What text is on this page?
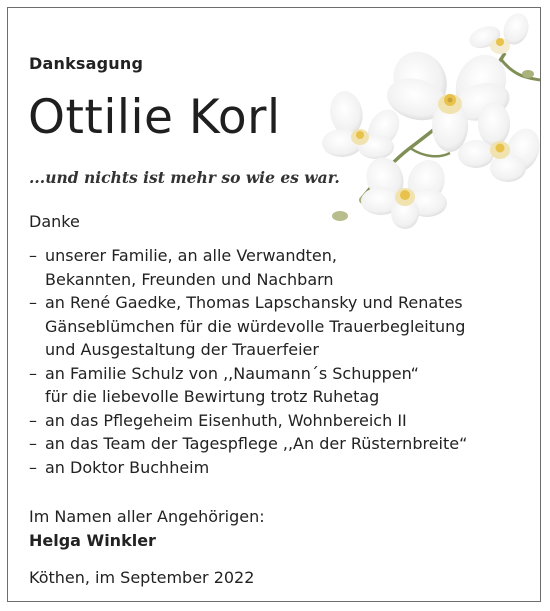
Danksagung
Ottilie Korl
...und nichts ist mehr so wie es war.
Danke
– unserer Familie, an alle Verwandten,
Bekannten, Freunden und Nachbarn
– an René Gaedke, Thomas Lapschansky und Renates
Gänseblümchen für die würdevolle Trauerbegleitung
und Ausgestaltung der Trauerfeier
– an Familie Schulz von ,,Naumann´s Schuppen“
für die liebevolle Bewirtung trotz Ruhetag
– an das Pflegeheim Eisenhuth, Wohnbereich II
– an das Team der Tagespflege ,,An der Rüsternbreite“
– an Doktor Buchheim
Im Namen aller Angehörigen:
Helga Winkler
Köthen, im September 2022
